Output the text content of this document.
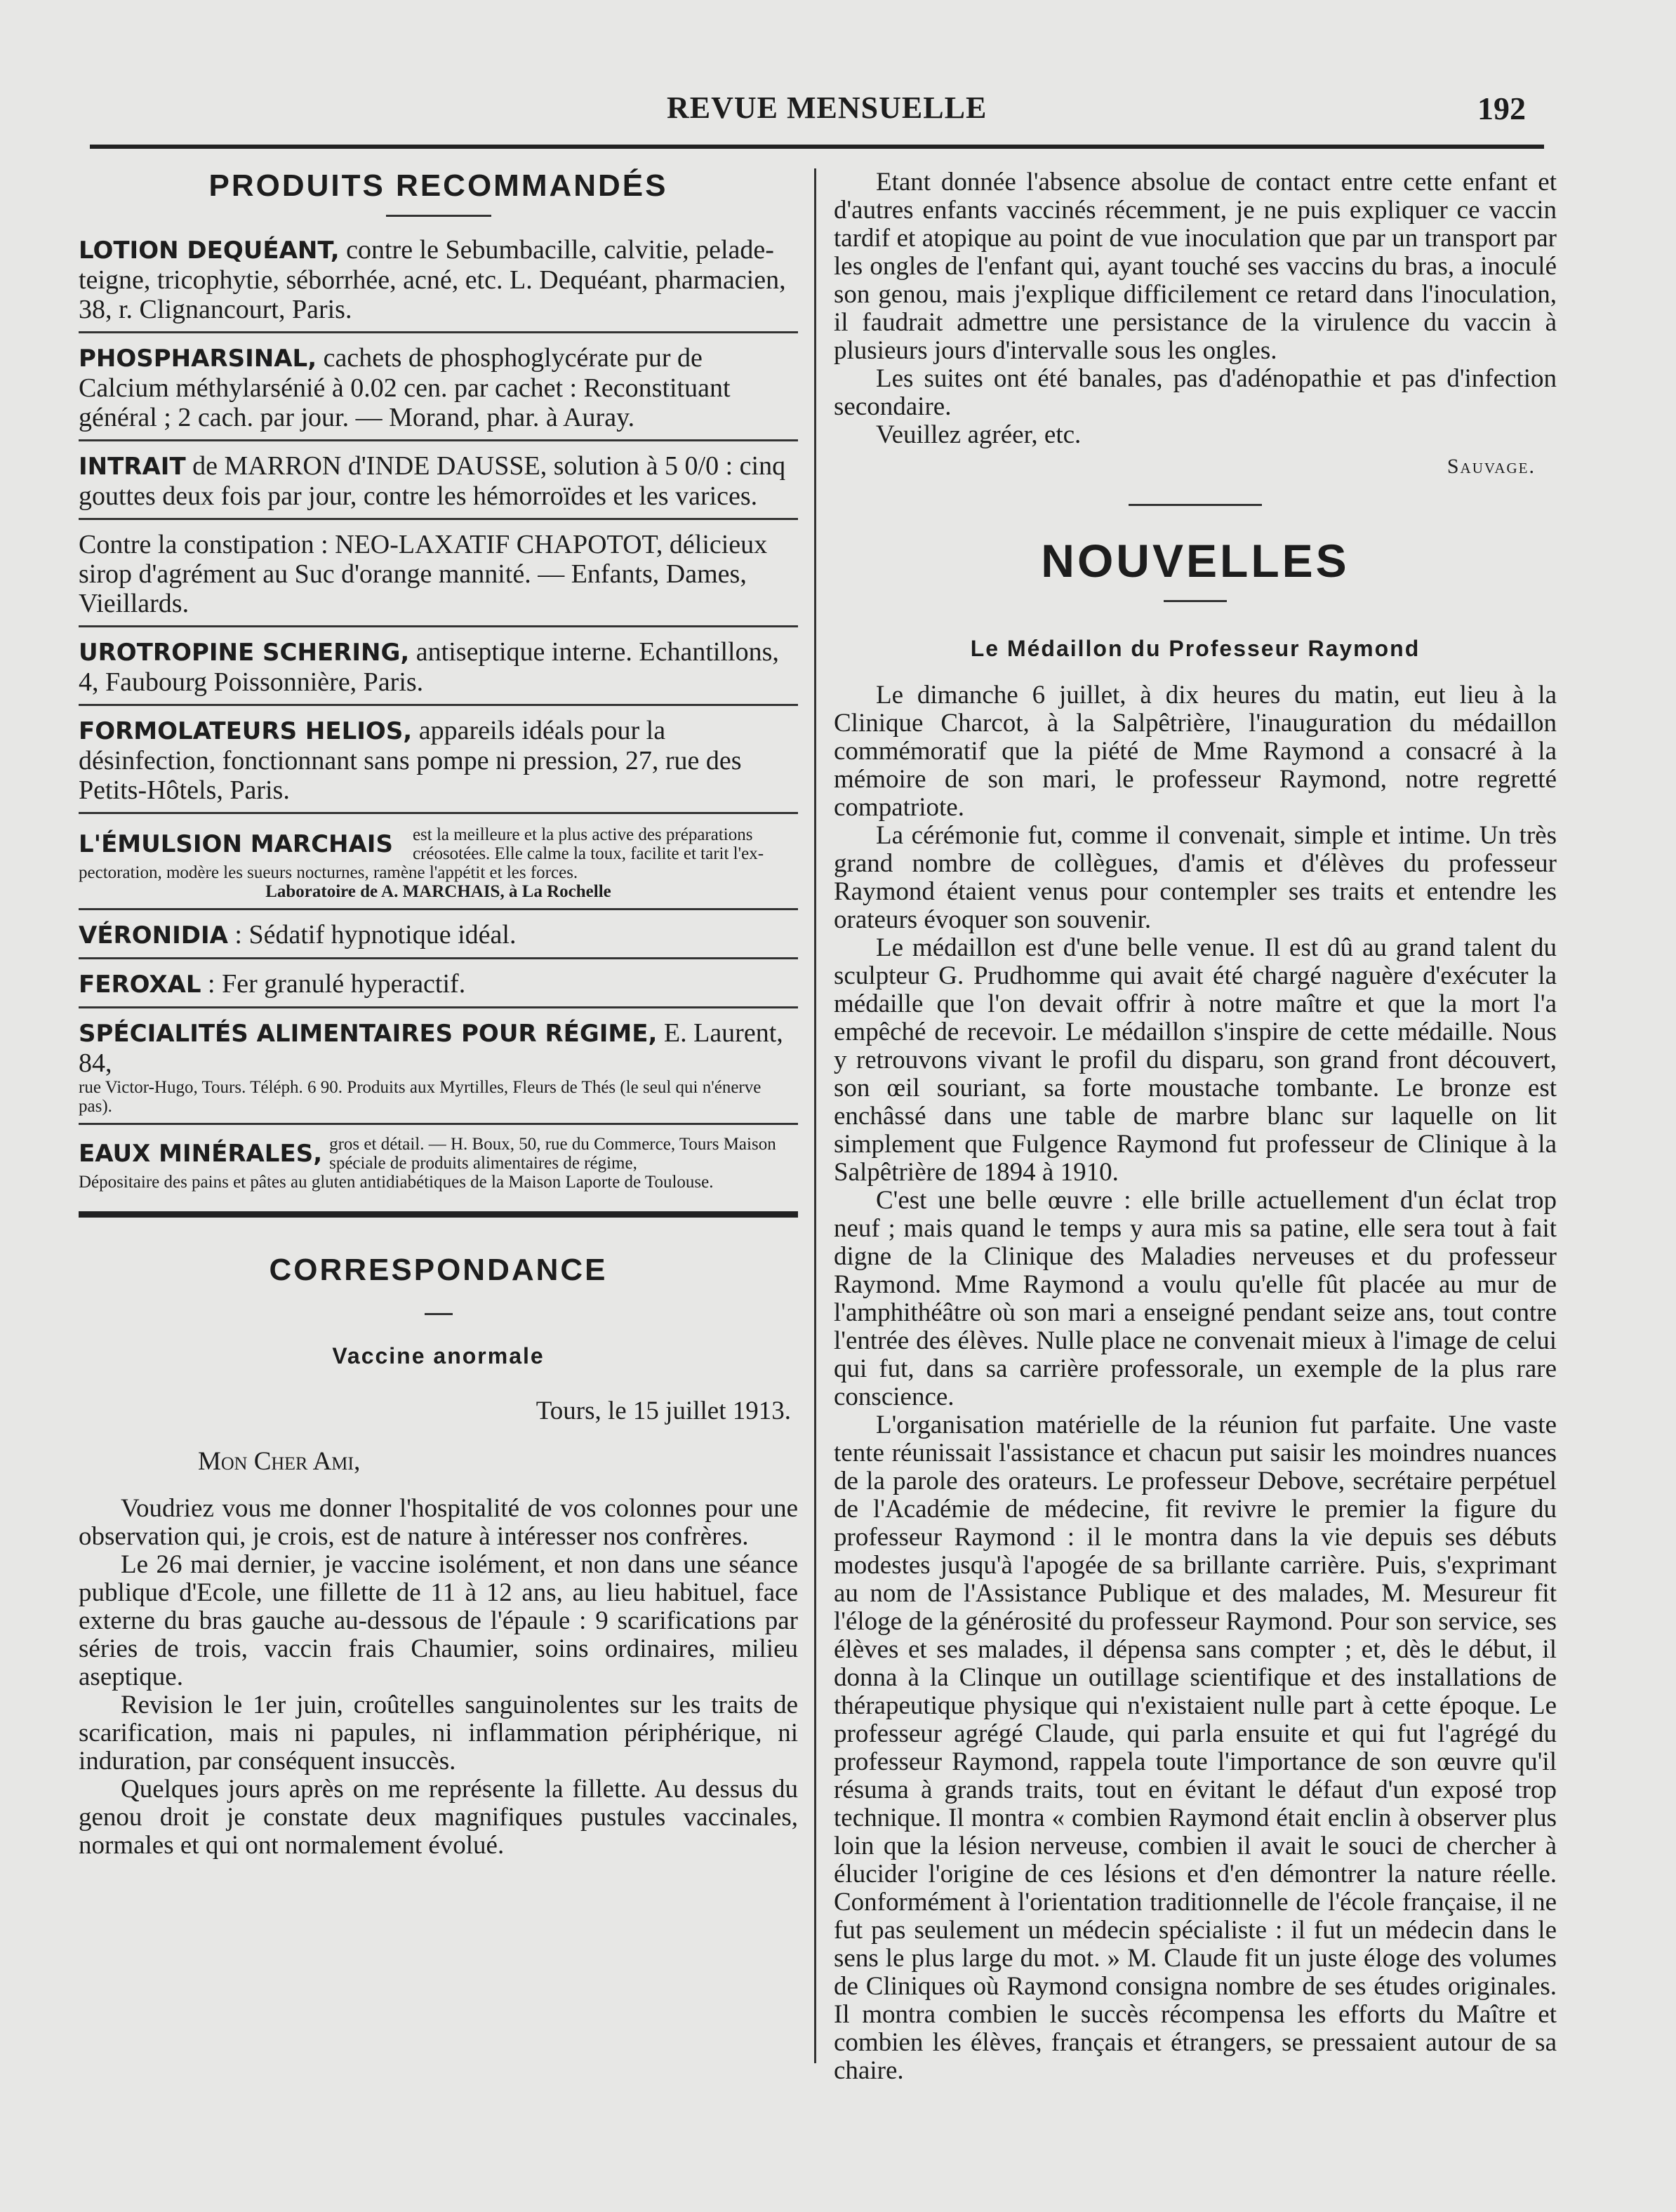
REVUE MENSUELLE	192
PRODUITS RECOMMANDÉS
LOTION DEQUÉANT, contre le Sebumbacille, calvitie, pelade-teigne, tricophytie, séborrhée, acné, etc. L. Dequéant, pharmacien, 38, r. Clignancourt, Paris.
PHOSPHARSINAL, cachets de phosphoglycérate pur de Calcium méthylarsénié à 0.02 cen. par cachet : Reconstituant général ; 2 cach. par jour. — Morand, phar. à Auray.
INTRAIT de MARRON d'INDE DAUSSE, solution à 5 0/0 : cinq gouttes deux fois par jour, contre les hémorroïdes et les varices.
Contre la constipation : NEO-LAXATIF CHAPOTOT, délicieux sirop d'agrément au Suc d'orange mannité. — Enfants, Dames, Vieillards.
UROTROPINE SCHERING, antiseptique interne. Echantillons, 4, Faubourg Poissonnière, Paris.
FORMOLATEURS HELIOS, appareils idéals pour la désinfection, fonctionnant sans pompe ni pression, 27, rue des Petits-Hôtels, Paris.
L'ÉMULSION MARCHAIS est la meilleure et la plus active des préparations créosotées. Elle calme la toux, facilite et tarit l'ex-
pectoration, modère les sueurs nocturnes, ramène l'appétit et les forces.
Laboratoire de A. MARCHAIS, à La Rochelle
VÉRONIDIA : Sédatif hypnotique idéal.
FEROXAL : Fer granulé hyperactif.
SPÉCIALITÉS ALIMENTAIRES POUR RÉGIME, E. Laurent, 84,
rue Victor-Hugo, Tours. Téléph. 6 90. Produits aux Myrtilles, Fleurs de Thés (le seul qui n'énerve pas).
EAUX MINÉRALES, gros et détail. — H. Boux, 50, rue du Commerce, Tours Maison spéciale de produits alimentaires de régime,
Dépositaire des pains et pâtes au gluten antidiabétiques de la Maison Laporte de Toulouse.
CORRESPONDANCE
Vaccine anormale
Tours, le 15 juillet 1913.
Mon Cher Ami,
Voudriez vous me donner l'hospitalité de vos colonnes pour une observation qui, je crois, est de nature à intéresser nos confrères.
Le 26 mai dernier, je vaccine isolément, et non dans une séance publique d'Ecole, une fillette de 11 à 12 ans, au lieu habituel, face externe du bras gauche au-dessous de l'épaule : 9 scarifications par séries de trois, vaccin frais Chaumier, soins ordinaires, milieu aseptique.
Revision le 1er juin, croûtelles sanguinolentes sur les traits de scarification, mais ni papules, ni inflammation périphérique, ni induration, par conséquent insuccès.
Quelques jours après on me représente la fillette. Au dessus du genou droit je constate deux magnifiques pustules vaccinales, normales et qui ont normalement évolué.
Etant donnée l'absence absolue de contact entre cette enfant et d'autres enfants vaccinés récemment, je ne puis expliquer ce vaccin tardif et atopique au point de vue inoculation que par un transport par les ongles de l'enfant qui, ayant touché ses vaccins du bras, a inoculé son genou, mais j'explique difficilement ce retard dans l'inoculation, il faudrait admettre une persistance de la virulence du vaccin à plusieurs jours d'intervalle sous les ongles.
Les suites ont été banales, pas d'adénopathie et pas d'infection secondaire.
Veuillez agréer, etc.
Sauvage.
NOUVELLES
Le Médaillon du Professeur Raymond
Le dimanche 6 juillet, à dix heures du matin, eut lieu à la Clinique Charcot, à la Salpêtrière, l'inauguration du médaillon commémoratif que la piété de Mme Raymond a consacré à la mémoire de son mari, le professeur Raymond, notre regretté compatriote.
La cérémonie fut, comme il convenait, simple et intime. Un très grand nombre de collègues, d'amis et d'élèves du professeur Raymond étaient venus pour contempler ses traits et entendre les orateurs évoquer son souvenir.
Le médaillon est d'une belle venue. Il est dû au grand talent du sculpteur G. Prudhomme qui avait été chargé naguère d'exécuter la médaille que l'on devait offrir à notre maître et que la mort l'a empêché de recevoir. Le médaillon s'inspire de cette médaille. Nous y retrouvons vivant le profil du disparu, son grand front découvert, son œil souriant, sa forte moustache tombante. Le bronze est enchâssé dans une table de marbre blanc sur laquelle on lit simplement que Fulgence Raymond fut professeur de Clinique à la Salpêtrière de 1894 à 1910.
C'est une belle œuvre : elle brille actuellement d'un éclat trop neuf ; mais quand le temps y aura mis sa patine, elle sera tout à fait digne de la Clinique des Maladies nerveuses et du professeur Raymond. Mme Raymond a voulu qu'elle fût placée au mur de l'amphithéâtre où son mari a enseigné pendant seize ans, tout contre l'entrée des élèves. Nulle place ne convenait mieux à l'image de celui qui fut, dans sa carrière professorale, un exemple de la plus rare conscience.
L'organisation matérielle de la réunion fut parfaite. Une vaste tente réunissait l'assistance et chacun put saisir les moindres nuances de la parole des orateurs. Le professeur Debove, secrétaire perpétuel de l'Académie de médecine, fit revivre le premier la figure du professeur Raymond : il le montra dans la vie depuis ses débuts modestes jusqu'à l'apogée de sa brillante carrière. Puis, s'exprimant au nom de l'Assistance Publique et des malades, M. Mesureur fit l'éloge de la générosité du professeur Raymond. Pour son service, ses élèves et ses malades, il dépensa sans compter ; et, dès le début, il donna à la Clinque un outillage scientifique et des installations de thérapeutique physique qui n'existaient nulle part à cette époque. Le professeur agrégé Claude, qui parla ensuite et qui fut l'agrégé du professeur Raymond, rappela toute l'importance de son œuvre qu'il résuma à grands traits, tout en évitant le défaut d'un exposé trop technique. Il montra « combien Raymond était enclin à observer plus loin que la lésion nerveuse, combien il avait le souci de chercher à élucider l'origine de ces lésions et d'en démontrer la nature réelle. Conformément à l'orientation traditionnelle de l'école française, il ne fut pas seulement un médecin spécialiste : il fut un médecin dans le sens le plus large du mot. » M. Claude fit un juste éloge des volumes de Cliniques où Raymond consigna nombre de ses études originales. Il montra combien le succès récompensa les efforts du Maître et combien les élèves, français et étrangers, se pressaient autour de sa chaire.
